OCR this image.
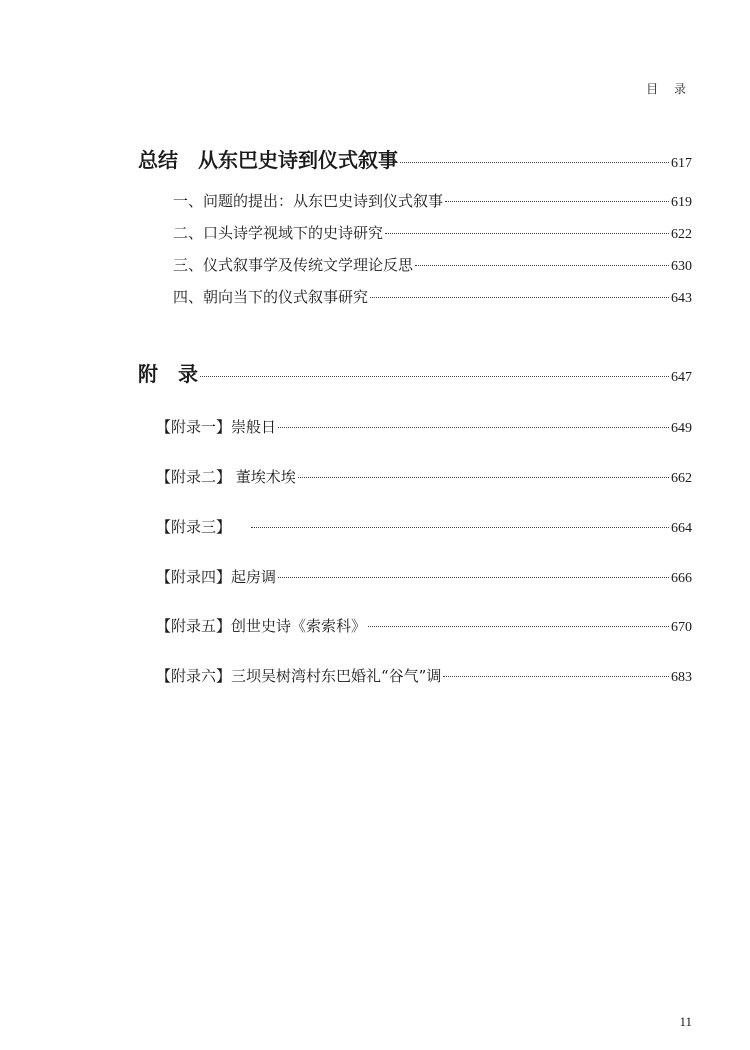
目 录
总结　从东巴史诗到仪式叙事	617
一、问题的提出：从东巴史诗到仪式叙事	619
二、口头诗学视域下的史诗研究	622
三、仪式叙事学及传统文学理论反思	630
四、朝向当下的仪式叙事研究	643
附　录	647
【附录一】崇般日	649
【附录二】 董埃术埃	662
【附录三】	664
【附录四】起房调	666
【附录五】创世史诗《索索科》	670
【附录六】三坝吴树湾村东巴婚礼“谷气”调	683
11
